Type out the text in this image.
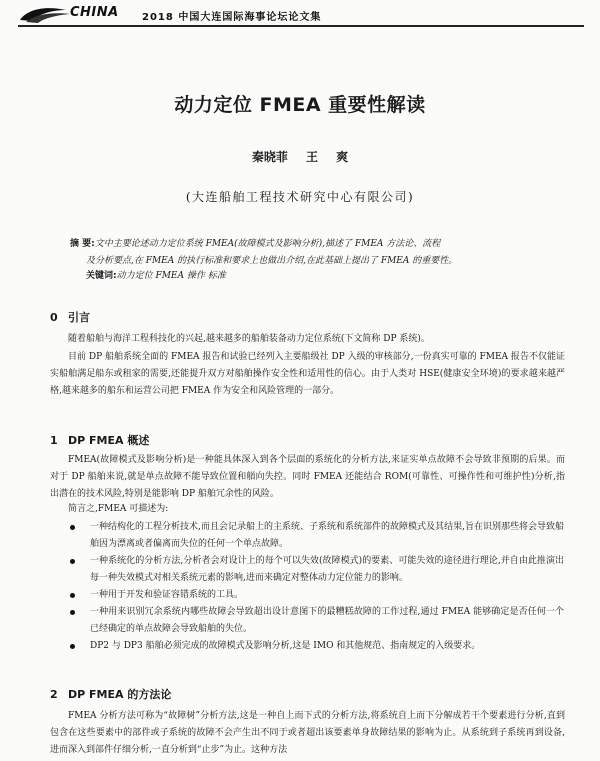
CHINA 2018 中国大连国际海事论坛论文集
动力定位 FMEA 重要性解读
秦晓菲 王 爽
(大连船舶工程技术研究中心有限公司)
摘 要:文中主要论述动力定位系统 FMEA(故障模式及影响分析),描述了 FMEA 方法论、流程
及分析要点,在 FMEA 的执行标准和要求上也做出介绍,在此基础上提出了 FMEA 的重要性。
关键词:动力定位 FMEA 操作 标准
0 引言
随着船舶与海洋工程科技化的兴起,越来越多的船舶装备动力定位系统(下文简称 DP 系统)。
目前 DP 船舶系统全面的 FMEA 报告和试验已经列入主要船级社 DP 入级的审核部分,一份真实可靠的 FMEA 报告不仅能证实船舶满足船东或租家的需要,还能提升双方对船舶操作安全性和适用性的信心。由于人类对 HSE(健康安全环境)的要求越来越严格,越来越多的船东和运营公司把 FMEA 作为安全和风险管理的一部分。
1 DP FMEA 概述
FMEA(故障模式及影响分析)是一种能具体深入到各个层面的系统化的分析方法,来证实单点故障不会导致非预期的后果。而对于 DP 船舶来说,就是单点故障不能导致位置和艏向失控。同时 FMEA 还能结合 ROM(可靠性、可操作性和可维护性)分析,指出潜在的技术风险,特别是能影响 DP 船舶冗余性的风险。
简言之,FMEA 可描述为:
一种结构化的工程分析技术,而且会记录船上的主系统、子系统和系统部件的故障模式及其结果,旨在识别那些将会导致船舶因为漂离或者偏离而失位的任何一个单点故障。
一种系统化的分析方法,分析者会对设计上的每个可以失效(故障模式)的要素、可能失效的途径进行理论,并自由此推演出每一种失效模式对相关系统元素的影响,进而来确定对整体动力定位能力的影响。
一种用于开发和验证容错系统的工具。
一种用来识别冗余系统内哪些故障会导致超出设计意图下的最糟糕故障的工作过程,通过 FMEA 能够确定是否任何一个已经确定的单点故障会导致船舶的失位。
DP2 与 DP3 船舶必须完成的故障模式及影响分析,这是 IMO 和其他规范、指南规定的入级要求。
2 DP FMEA 的方法论
FMEA 分析方法可称为“故障树”分析方法,这是一种自上而下式的分析方法,将系统自上而下分解成若干个要素进行分析,直到包含在这些要素中的部件或子系统的故障不会产生出不同于或者超出该要素单身故障结果的影响为止。从系统到子系统再到设备,进而深入到部件仔细分析,一直分析到“止步”为止。这种方法
